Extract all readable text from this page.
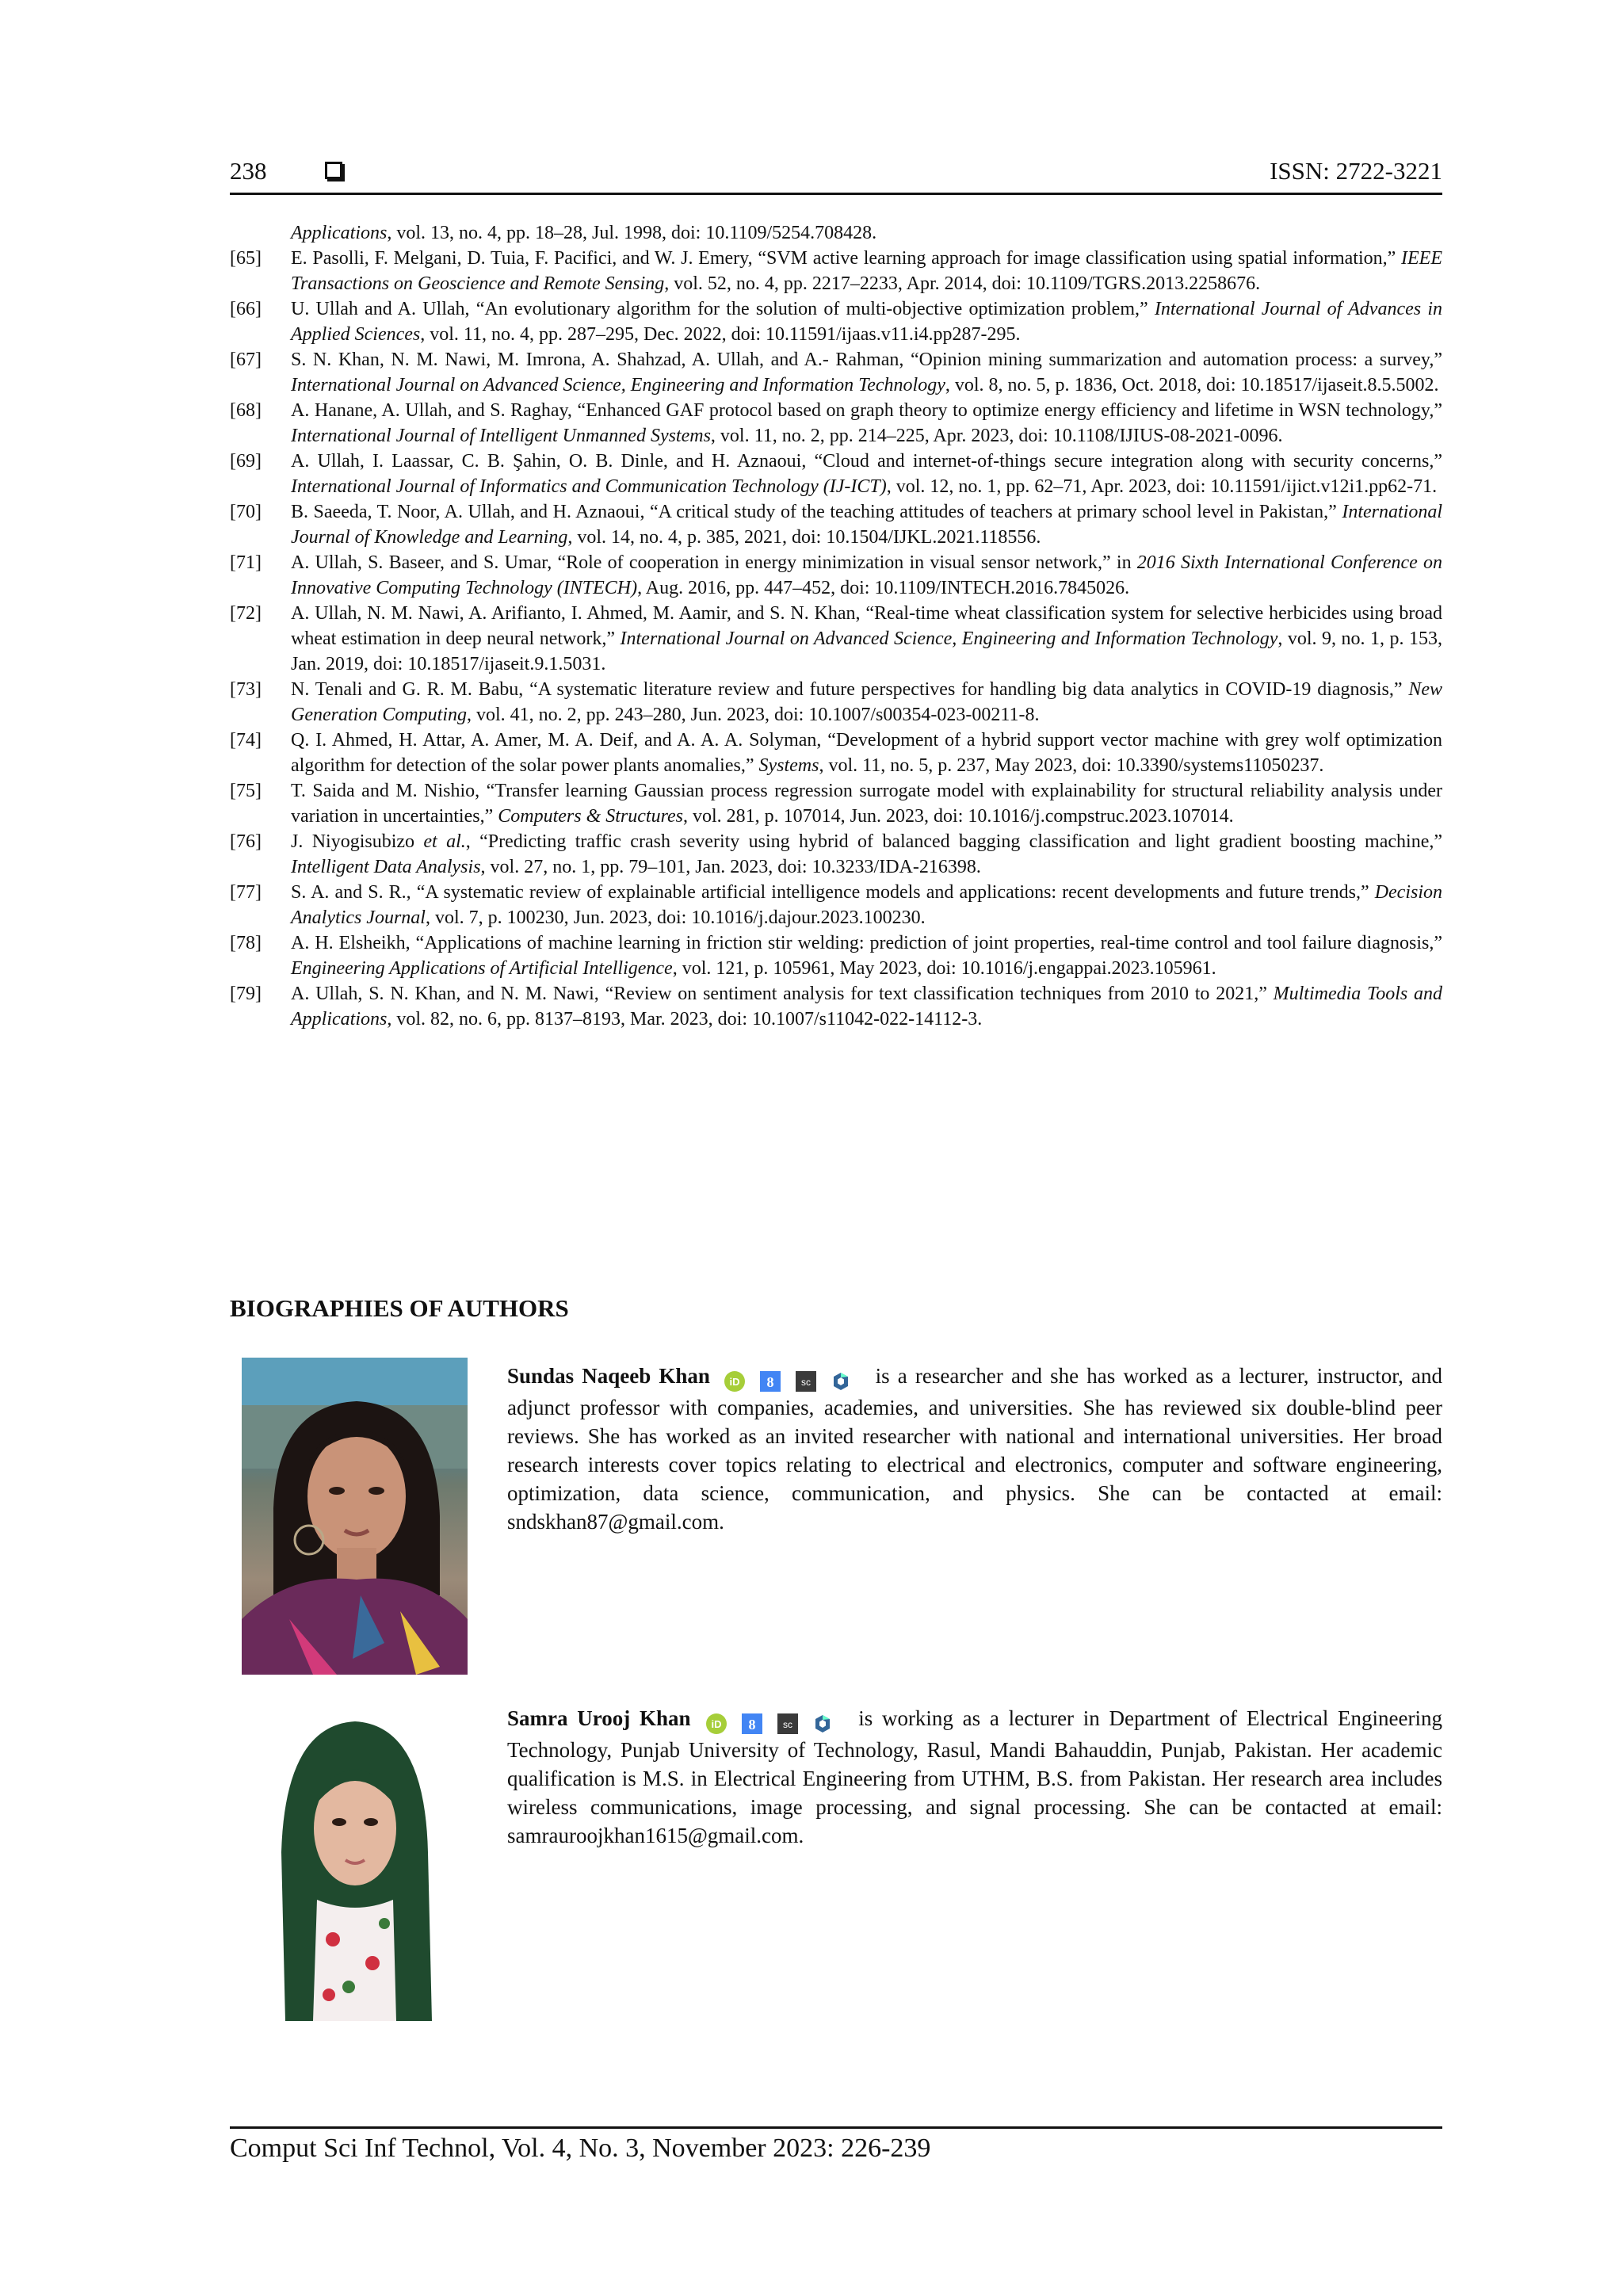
238	ISSN: 2722-3221
Applications, vol. 13, no. 4, pp. 18–28, Jul. 1998, doi: 10.1109/5254.708428.
[65]	E. Pasolli, F. Melgani, D. Tuia, F. Pacifici, and W. J. Emery, “SVM active learning approach for image classification using spatial information,” IEEE Transactions on Geoscience and Remote Sensing, vol. 52, no. 4, pp. 2217–2233, Apr. 2014, doi: 10.1109/TGRS.2013.2258676.
[66]	U. Ullah and A. Ullah, “An evolutionary algorithm for the solution of multi-objective optimization problem,” International Journal of Advances in Applied Sciences, vol. 11, no. 4, pp. 287–295, Dec. 2022, doi: 10.11591/ijaas.v11.i4.pp287-295.
[67]	S. N. Khan, N. M. Nawi, M. Imrona, A. Shahzad, A. Ullah, and A.- Rahman, “Opinion mining summarization and automation process: a survey,” International Journal on Advanced Science, Engineering and Information Technology, vol. 8, no. 5, p. 1836, Oct. 2018, doi: 10.18517/ijaseit.8.5.5002.
[68]	A. Hanane, A. Ullah, and S. Raghay, “Enhanced GAF protocol based on graph theory to optimize energy efficiency and lifetime in WSN technology,” International Journal of Intelligent Unmanned Systems, vol. 11, no. 2, pp. 214–225, Apr. 2023, doi: 10.1108/IJIUS-08-2021-0096.
[69]	A. Ullah, I. Laassar, C. B. Şahin, O. B. Dinle, and H. Aznaoui, “Cloud and internet-of-things secure integration along with security concerns,” International Journal of Informatics and Communication Technology (IJ-ICT), vol. 12, no. 1, pp. 62–71, Apr. 2023, doi: 10.11591/ijict.v12i1.pp62-71.
[70]	B. Saeeda, T. Noor, A. Ullah, and H. Aznaoui, “A critical study of the teaching attitudes of teachers at primary school level in Pakistan,” International Journal of Knowledge and Learning, vol. 14, no. 4, p. 385, 2021, doi: 10.1504/IJKL.2021.118556.
[71]	A. Ullah, S. Baseer, and S. Umar, “Role of cooperation in energy minimization in visual sensor network,” in 2016 Sixth International Conference on Innovative Computing Technology (INTECH), Aug. 2016, pp. 447–452, doi: 10.1109/INTECH.2016.7845026.
[72]	A. Ullah, N. M. Nawi, A. Arifianto, I. Ahmed, M. Aamir, and S. N. Khan, “Real-time wheat classification system for selective herbicides using broad wheat estimation in deep neural network,” International Journal on Advanced Science, Engineering and Information Technology, vol. 9, no. 1, p. 153, Jan. 2019, doi: 10.18517/ijaseit.9.1.5031.
[73]	N. Tenali and G. R. M. Babu, “A systematic literature review and future perspectives for handling big data analytics in COVID-19 diagnosis,” New Generation Computing, vol. 41, no. 2, pp. 243–280, Jun. 2023, doi: 10.1007/s00354-023-00211-8.
[74]	Q. I. Ahmed, H. Attar, A. Amer, M. A. Deif, and A. A. A. Solyman, “Development of a hybrid support vector machine with grey wolf optimization algorithm for detection of the solar power plants anomalies,” Systems, vol. 11, no. 5, p. 237, May 2023, doi: 10.3390/systems11050237.
[75]	T. Saida and M. Nishio, “Transfer learning Gaussian process regression surrogate model with explainability for structural reliability analysis under variation in uncertainties,” Computers & Structures, vol. 281, p. 107014, Jun. 2023, doi: 10.1016/j.compstruc.2023.107014.
[76]	J. Niyogisubizo et al., “Predicting traffic crash severity using hybrid of balanced bagging classification and light gradient boosting machine,” Intelligent Data Analysis, vol. 27, no. 1, pp. 79–101, Jan. 2023, doi: 10.3233/IDA-216398.
[77]	S. A. and S. R., “A systematic review of explainable artificial intelligence models and applications: recent developments and future trends,” Decision Analytics Journal, vol. 7, p. 100230, Jun. 2023, doi: 10.1016/j.dajour.2023.100230.
[78]	A. H. Elsheikh, “Applications of machine learning in friction stir welding: prediction of joint properties, real-time control and tool failure diagnosis,” Engineering Applications of Artificial Intelligence, vol. 121, p. 105961, May 2023, doi: 10.1016/j.engappai.2023.105961.
[79]	A. Ullah, S. N. Khan, and N. M. Nawi, “Review on sentiment analysis for text classification techniques from 2010 to 2021,” Multimedia Tools and Applications, vol. 82, no. 6, pp. 8137–8193, Mar. 2023, doi: 10.1007/s11042-022-14112-3.
BIOGRAPHIES OF AUTHORS
Sundas Naqeeb Khan iD
8
	sc	is a researcher and she has worked as a lecturer, instructor, and adjunct professor with companies, academies, and universities. She has reviewed six double-blind peer reviews. She has worked as an invited researcher with national and international universities. Her broad research interests cover topics relating to electrical and electronics, computer and software engineering, optimization, data science, communication, and physics. She can be contacted at email: sndskhan87@gmail.com.
Samra Urooj Khan iD
8
	sc	is working as a lecturer in Department of Electrical Engineering Technology, Punjab University of Technology, Rasul, Mandi Bahauddin, Punjab, Pakistan. Her academic qualification is M.S. in Electrical Engineering from UTHM, B.S. from Pakistan. Her research area includes wireless communications, image processing, and signal processing. She can be contacted at email: samrauroojkhan1615@gmail.com.
Comput Sci Inf Technol, Vol. 4, No. 3, November 2023: 226-239
